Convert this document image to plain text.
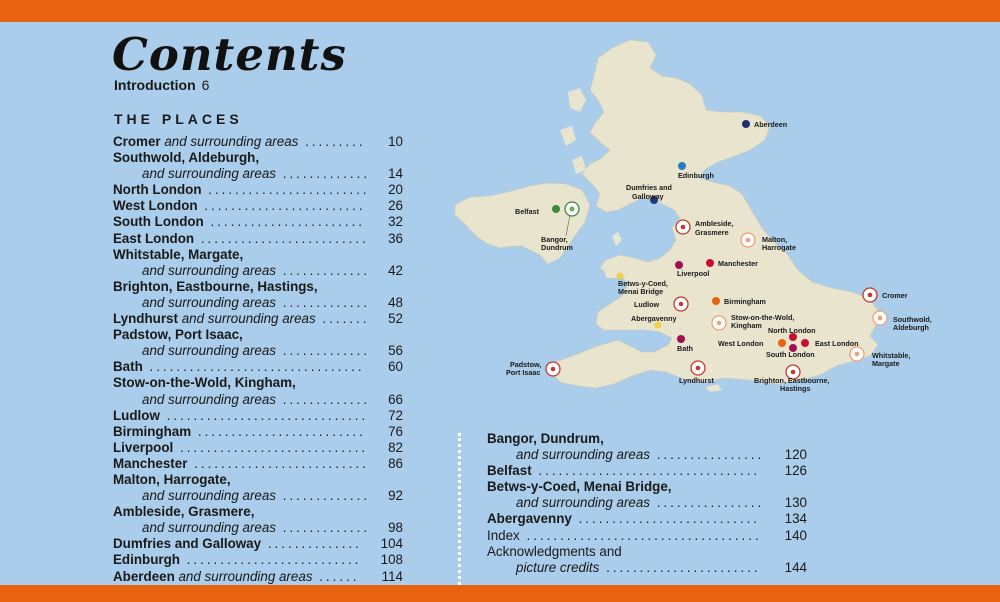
Contents
Introduction 6
THE PLACES
Cromer and surrounding areas .........	10
Southwold, Aldeburgh,
and surrounding areas .............	14
North London ........................	20
West London ........................	26
South London .......................	32
East London .........................	36
Whitstable, Margate,
and surrounding areas .............	42
Brighton, Eastbourne, Hastings,
and surrounding areas .............	48
Lyndhurst and surrounding areas .......	52
Padstow, Port Isaac,
and surrounding areas .............	56
Bath ................................	60
Stow-on-the-Wold, Kingham,
and surrounding areas .............	66
Ludlow ..............................	72
Birmingham .........................	76
Liverpool ............................	82
Manchester ..........................	86
Malton, Harrogate,
and surrounding areas .............	92
Ambleside, Grasmere,
and surrounding areas .............	98
Dumfries and Galloway ..............	104
Edinburgh ..........................	108
Aberdeen and surrounding areas ......	114
Bangor, Dundrum,
and surrounding areas ................	120
Belfast .................................	126
Betws-y-Coed, Menai Bridge,
and surrounding areas ................	130
Abergavenny ...........................	134
Index ...................................	140
Acknowledgments and
picture credits .......................	144
Aberdeen
Edinburgh
Dumfries and
Galloway
Belfast
Bangor,
Dundrum
Ambleside,
Grasmere
Malton,
Harrogate
Manchester
Liverpool
Betws-y-Coed,
Menai Bridge
Birmingham
Ludlow
Cromer
Abergavenny	Stow-on-the-Wold,
Kingham
North London
Southwold,
Aldeburgh
West London	East London
Bath
South London	Whitstable,
Margate
Padstow,
Port Isaac
Lyndhurst	Brighton, Eastbourne,
Hastings
